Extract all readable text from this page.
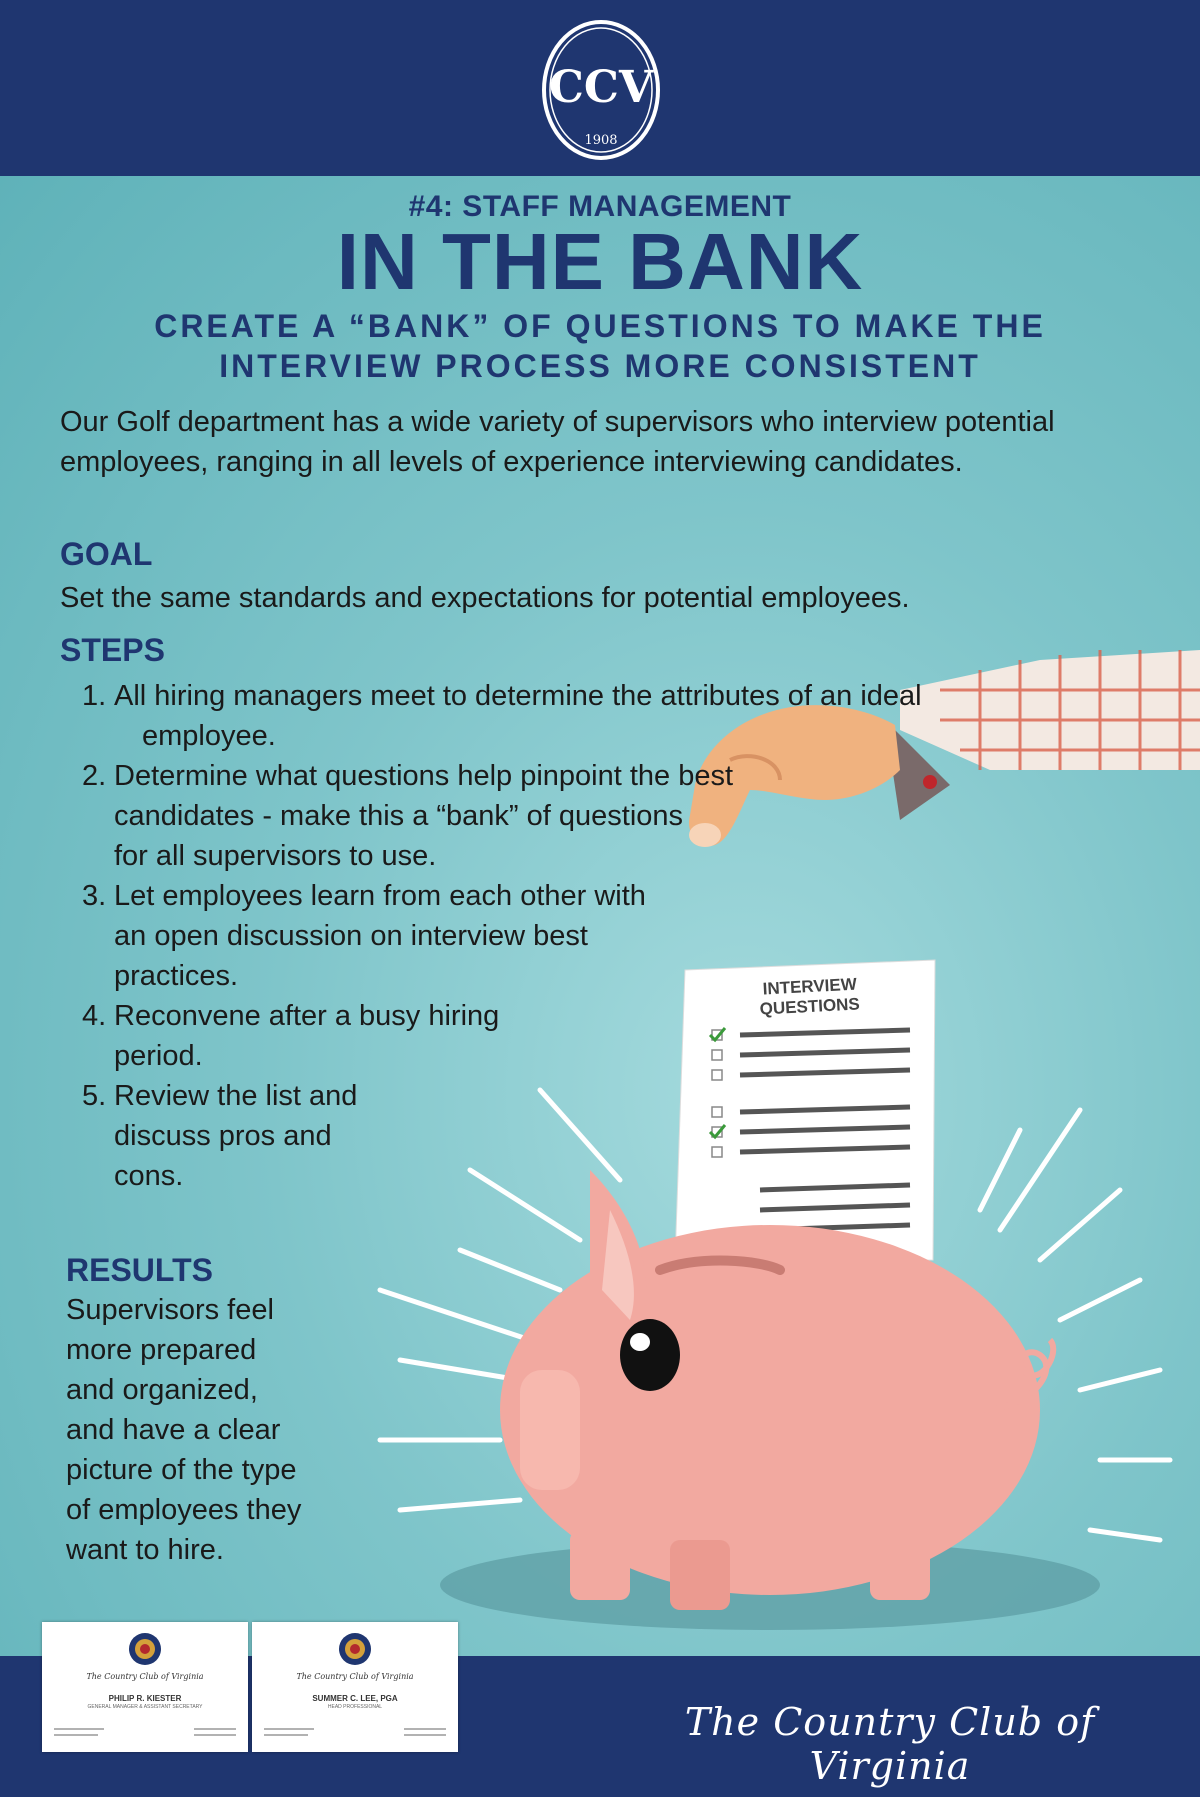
CCV
1908
#4: STAFF MANAGEMENT
IN THE BANK
CREATE A “BANK” OF QUESTIONS TO MAKE THE
INTERVIEW PROCESS MORE CONSISTENT
Our Golf department has a wide variety of supervisors who interview potential employees, ranging in all levels of experience interviewing candidates.
GOAL
Set the same standards and expectations for potential employees.
STEPS
INTERVIEW
QUESTIONS
1. All hiring managers meet to determine the attributes of an ideal
employee.
2. Determine what questions help pinpoint the best
candidates - make this a “bank” of questions
for all supervisors to use.
3. Let employees learn from each other with
an open discussion on interview best
practices.
4. Reconvene after a busy hiring
period.
5. Review the list and
discuss pros and
cons.
RESULTS
Supervisors feel
more prepared
and organized,
and have a clear
picture of the type
of employees they
want to hire.
The Country Club of Virginia
PHILIP R. KIESTER
GENERAL MANAGER & ASSISTANT SECRETARY
The Country Club of Virginia
SUMMER C. LEE, PGA
HEAD PROFESSIONAL	The Country Club of Virginia
